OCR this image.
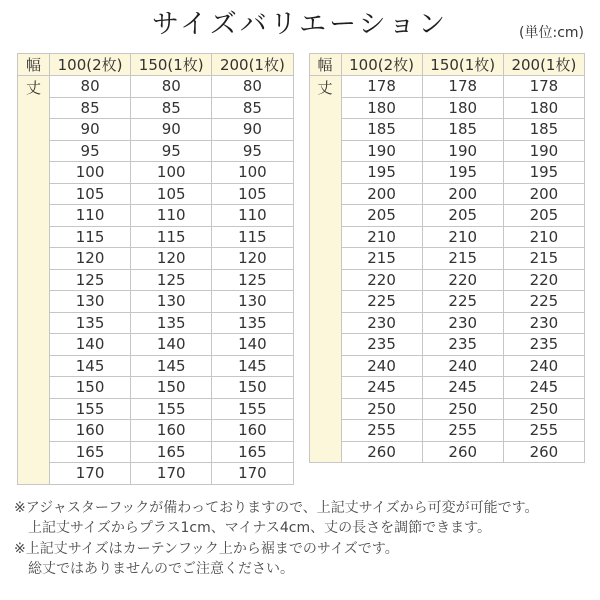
サイズバリエーション	(単位:cm)
幅	100(2枚)	150(1枚)	200(1枚)
丈	80	80	80
	85	85	85
	90	90	90
	95	95	95
	100	100	100
	105	105	105
	110	110	110
	115	115	115
	120	120	120
	125	125	125
	130	130	130
	135	135	135
	140	140	140
	145	145	145
	150	150	150
	155	155	155
	160	160	160
	165	165	165
	170	170	170
幅	100(2枚)	150(1枚)	200(1枚)
丈	178	178	178
	180	180	180
	185	185	185
	190	190	190
	195	195	195
	200	200	200
	205	205	205
	210	210	210
	215	215	215
	220	220	220
	225	225	225
	230	230	230
	235	235	235
	240	240	240
	245	245	245
	250	250	250
	255	255	255
	260	260	260
※アジャスターフックが備わっておりますので、上記丈サイズから可変が可能です。
上記丈サイズからプラス1cm、マイナス4cm、丈の長さを調節できます。
※上記丈サイズはカーテンフック上から裾までのサイズです。
総丈ではありませんのでご注意ください。
